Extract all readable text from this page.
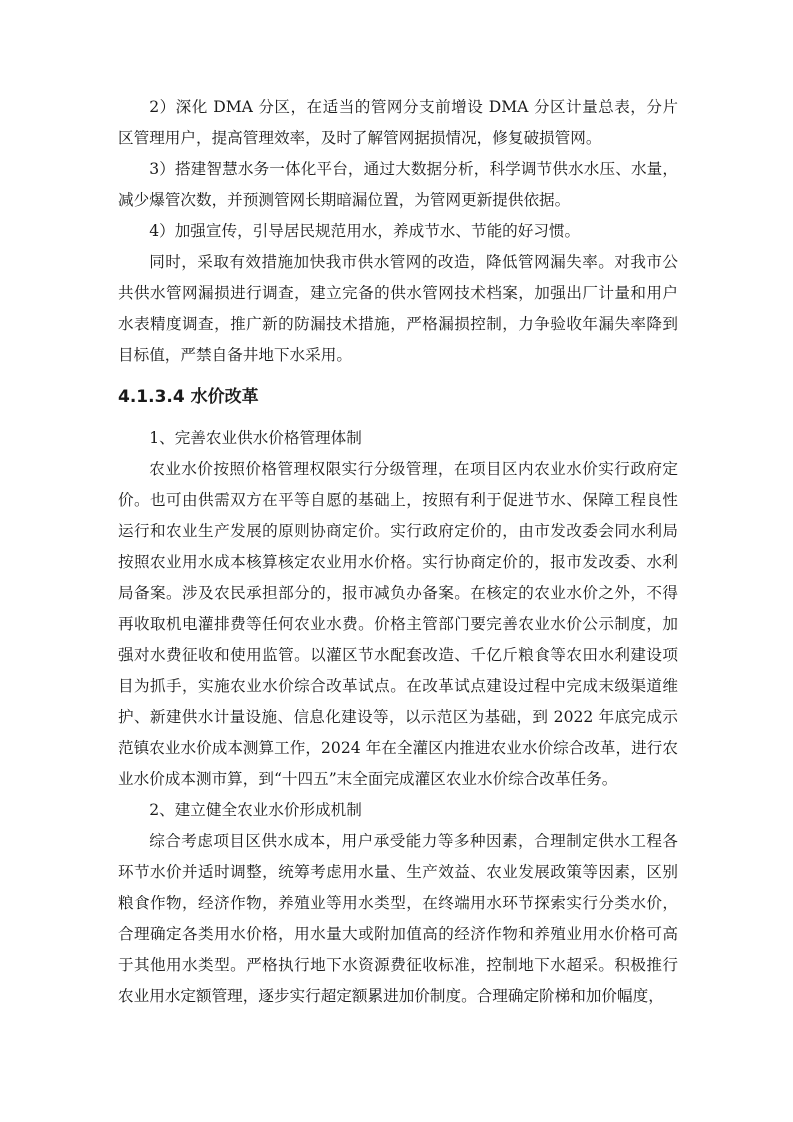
2）深化 DMA 分区，在适当的管网分支前增设 DMA 分区计量总表，分片区管理用户，提高管理效率，及时了解管网据损情况，修复破损管网。

3）搭建智慧水务一体化平台，通过大数据分析，科学调节供水水压、水量，减少爆管次数，并预测管网长期暗漏位置，为管网更新提供依据。

4）加强宣传，引导居民规范用水，养成节水、节能的好习惯。

同时，采取有效措施加快我市供水管网的改造，降低管网漏失率。对我市公共供水管网漏损进行调查，建立完备的供水管网技术档案，加强出厂计量和用户水表精度调查，推广新的防漏技术措施，严格漏损控制，力争验收年漏失率降到目标值，严禁自备井地下水采用。

4.1.3.4 水价改革

1、完善农业供水价格管理体制

农业水价按照价格管理权限实行分级管理，在项目区内农业水价实行政府定价。也可由供需双方在平等自愿的基础上，按照有利于促进节水、保障工程良性运行和农业生产发展的原则协商定价。实行政府定价的，由市发改委会同水利局按照农业用水成本核算核定农业用水价格。实行协商定价的，报市发改委、水利局备案。涉及农民承担部分的，报市减负办备案。在核定的农业水价之外，不得再收取机电灌排费等任何农业水费。价格主管部门要完善农业水价公示制度，加强对水费征收和使用监管。以灌区节水配套改造、千亿斤粮食等农田水利建设项目为抓手，实施农业水价综合改革试点。在改革试点建设过程中完成末级渠道维护、新建供水计量设施、信息化建设等，以示范区为基础，到 2022 年底完成示范镇农业水价成本测算工作，2024 年在全灌区内推进农业水价综合改革，进行农业水价成本测市算，到“十四五”末全面完成灌区农业水价综合改革任务。

2、建立健全农业水价形成机制

综合考虑项目区供水成本，用户承受能力等多种因素，合理制定供水工程各环节水价并适时调整，统筹考虑用水量、生产效益、农业发展政策等因素，区别粮食作物，经济作物，养殖业等用水类型，在终端用水环节探索实行分类水价，合理确定各类用水价格，用水量大或附加值高的经济作物和养殖业用水价格可高于其他用水类型。严格执行地下水资源费征收标准，控制地下水超采。积极推行农业用水定额管理，逐步实行超定额累进加价制度。合理确定阶梯和加价幅度，
